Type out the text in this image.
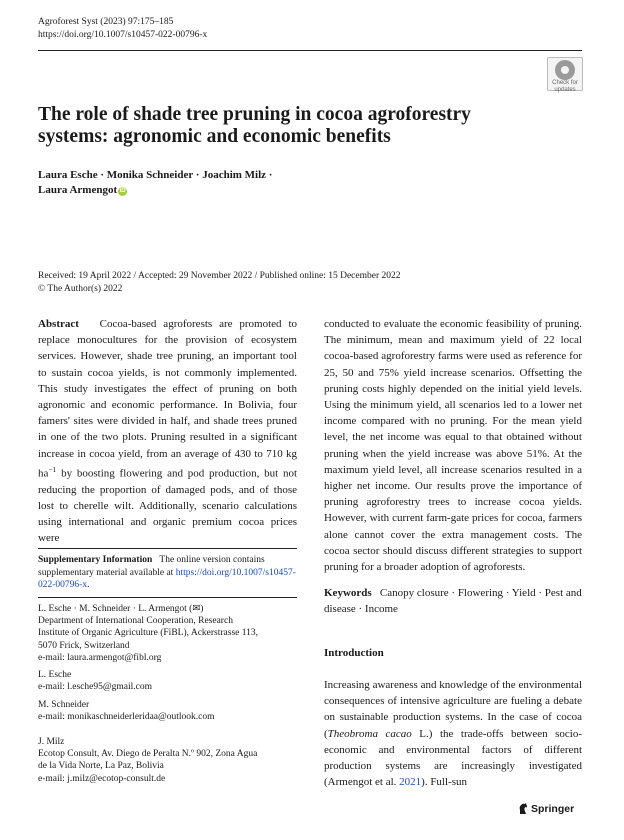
Agroforest Syst (2023) 97:175–185
https://doi.org/10.1007/s10457-022-00796-x
Check for
updates
The role of shade tree pruning in cocoa agroforestry
systems: agronomic and economic benefits
Laura Esche · Monika Schneider · Joachim Milz ·
Laura Armengot iD
Received: 19 April 2022 / Accepted: 29 November 2022 / Published online: 15 December 2022
© The Author(s) 2022
Abstract Cocoa-based agroforests are promoted to replace monocultures for the provision of ecosystem services. However, shade tree pruning, an important tool to sustain cocoa yields, is not commonly implemented. This study investigates the effect of pruning on both agronomic and economic performance. In Bolivia, four famers' sites were divided in half, and shade trees pruned in one of the two plots. Pruning resulted in a significant increase in cocoa yield, from an average of 430 to 710 kg $ha^{-1}$ by boosting flowering and pod production, but not reducing the proportion of damaged pods, and of those lost to cherelle wilt. Additionally, scenario calculations using international and organic premium cocoa prices were
conducted to evaluate the economic feasibility of pruning. The minimum, mean and maximum yield of 22 local cocoa-based agroforestry farms were used as reference for 25, 50 and 75% yield increase scenarios. Offsetting the pruning costs highly depended on the initial yield levels. Using the minimum yield, all scenarios led to a lower net income compared with no pruning. For the mean yield level, the net income was equal to that obtained without pruning when the yield increase was above 51%. At the maximum yield level, all increase scenarios resulted in a higher net income. Our results prove the importance of pruning agroforestry trees to increase cocoa yields. However, with current farm-gate prices for cocoa, farmers alone cannot cover the extra management costs. The cocoa sector should discuss different strategies to support pruning for a broader adoption of agroforests.
Supplementary Information The online version contains supplementary material available at https://doi.org/10.1007/s10457-022-00796-x.
L. Esche · M. Schneider · L. Armengot (✉)
Department of International Cooperation, Research
Institute of Organic Agriculture (FiBL), Ackerstrasse 113,
5070 Frick, Switzerland
e-mail: laura.armengot@fibl.org
L. Esche
e-mail: l.esche95@gmail.com
M. Schneider
e-mail: monikaschneiderleridaa@outlook.com
J. Milz
Ecotop Consult, Av. Diego de Peralta N.º 902, Zona Agua
de la Vida Norte, La Paz, Bolivia
e-mail: j.milz@ecotop-consult.de
Keywords Canopy closure · Flowering · Yield · Pest and disease · Income
Introduction
Increasing awareness and knowledge of the environmental consequences of intensive agriculture are fueling a debate on sustainable production systems. In the case of cocoa (Theobroma cacao L.) the trade-offs between socio-economic and environmental factors of different production systems are increasingly investigated (Armengot et al. 2021). Full-sun
Springer
